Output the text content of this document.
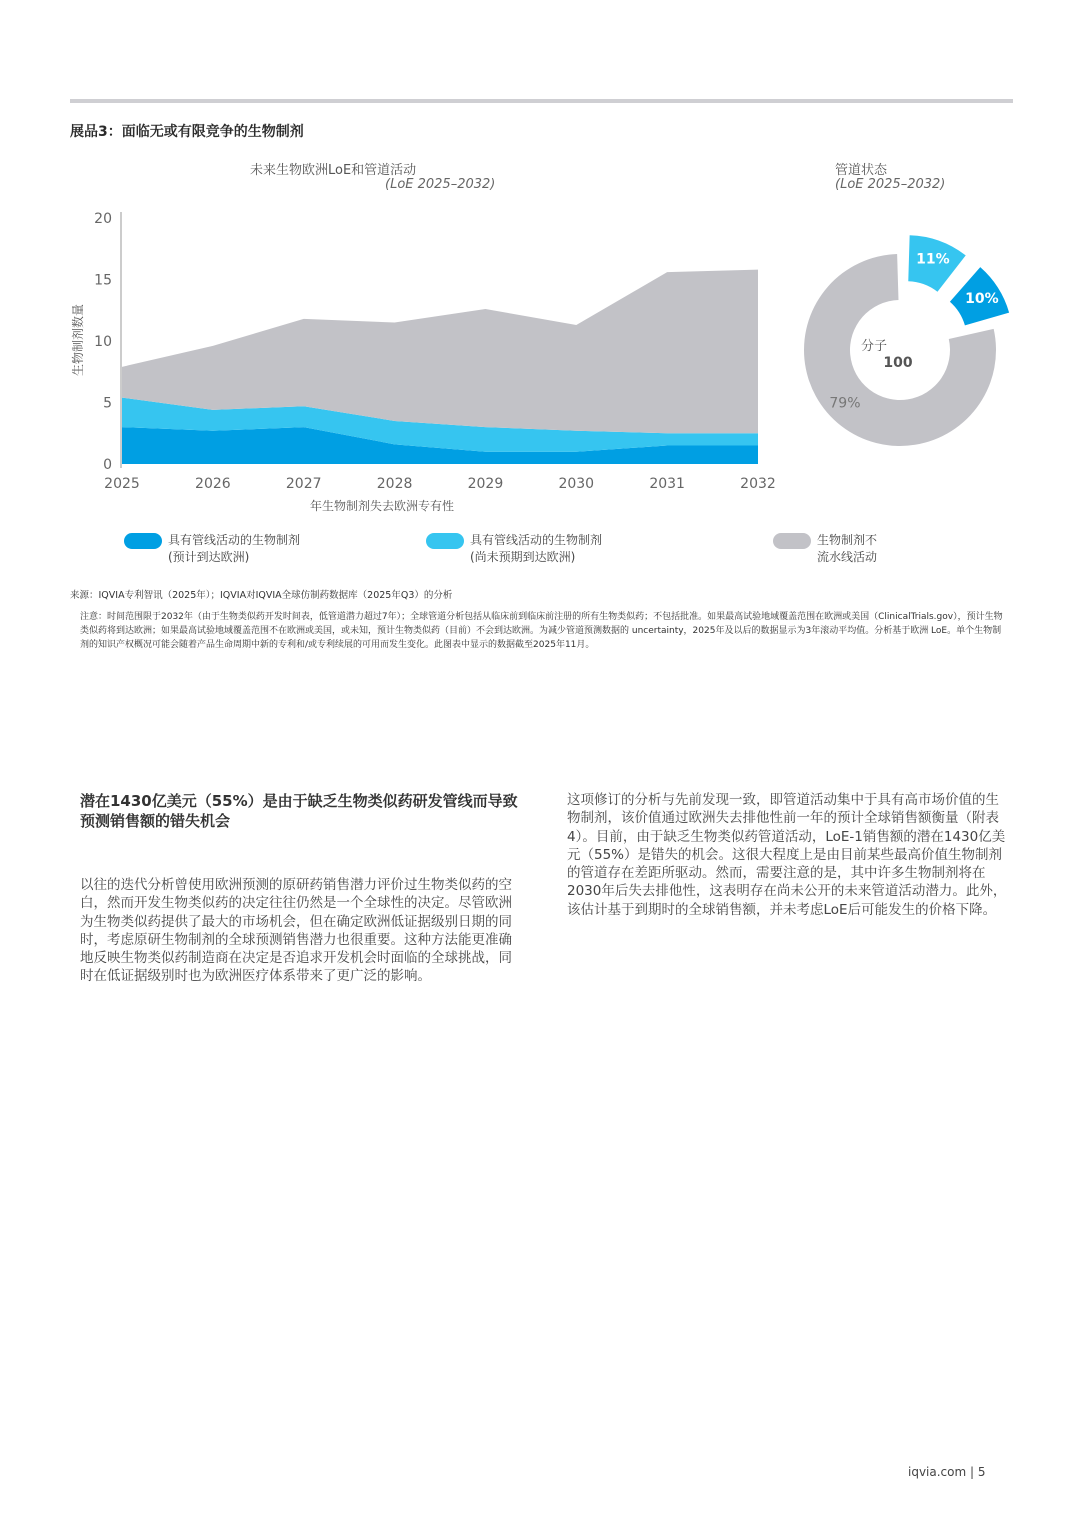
展品3：面临无或有限竞争的生物制剂
未来生物欧洲LoE和管道活动
(LoE 2025–2032)
管道状态
(LoE 2025–2032)
0
5
10
15
20
2025	2026	2027	2028	2029	2030	2031	2032
生物制剂数量
年生物制剂失去欧洲专有性
79%
11%
10%
分子
100
具有管线活动的生物制剂
(预计到达欧洲)
具有管线活动的生物制剂
(尚未预期到达欧洲)
生物制剂不
流水线活动
来源：IQVIA专利智讯（2025年）；IQVIA对IQVIA全球仿制药数据库（2025年Q3）的分析
注意：时间范围限于2032年（由于生物类似药开发时间表，低管道潜力超过7年）；全球管道分析包括从临床前到临床前注册的所有生物类似药；不包括批准。如果最高试验地域覆盖范围在欧洲或美国（ClinicalTrials.gov），预计生物类似药将到达欧洲；如果最高试验地域覆盖范围不在欧洲或美国，或未知，预计生物类似药（目前）不会到达欧洲。为减少管道预测数据的 uncertainty，2025年及以后的数据显示为3年滚动平均值。分析基于欧洲 LoE。单个生物制剂的知识产权概况可能会随着产品生命周期中新的专利和/或专利续展的可用而发生变化。此图表中显示的数据截至2025年11月。
潜在1430亿美元（55%）是由于缺乏生物类似药研发管线而导致预测销售额的错失机会
以往的迭代分析曾使用欧洲预测的原研药销售潜力评价过生物类似药的空白，然而开发生物类似药的决定往往仍然是一个全球性的决定。尽管欧洲为生物类似药提供了最大的市场机会，但在确定欧洲低证据级别日期的同时，考虑原研生物制剂的全球预测销售潜力也很重要。这种方法能更准确地反映生物类似药制造商在决定是否追求开发机会时面临的全球挑战，同时在低证据级别时也为欧洲医疗体系带来了更广泛的影响。
这项修订的分析与先前发现一致，即管道活动集中于具有高市场价值的生物制剂，该价值通过欧洲失去排他性前一年的预计全球销售额衡量（附表4）。目前，由于缺乏生物类似药管道活动，LoE-1销售额的潜在1430亿美元（55%）是错失的机会。这很大程度上是由目前某些最高价值生物制剂的管道存在差距所驱动。然而，需要注意的是，其中许多生物制剂将在2030年后失去排他性，这表明存在尚未公开的未来管道活动潜力。此外，该估计基于到期时的全球销售额，并未考虑LoE后可能发生的价格下降。
iqvia.com | 5
